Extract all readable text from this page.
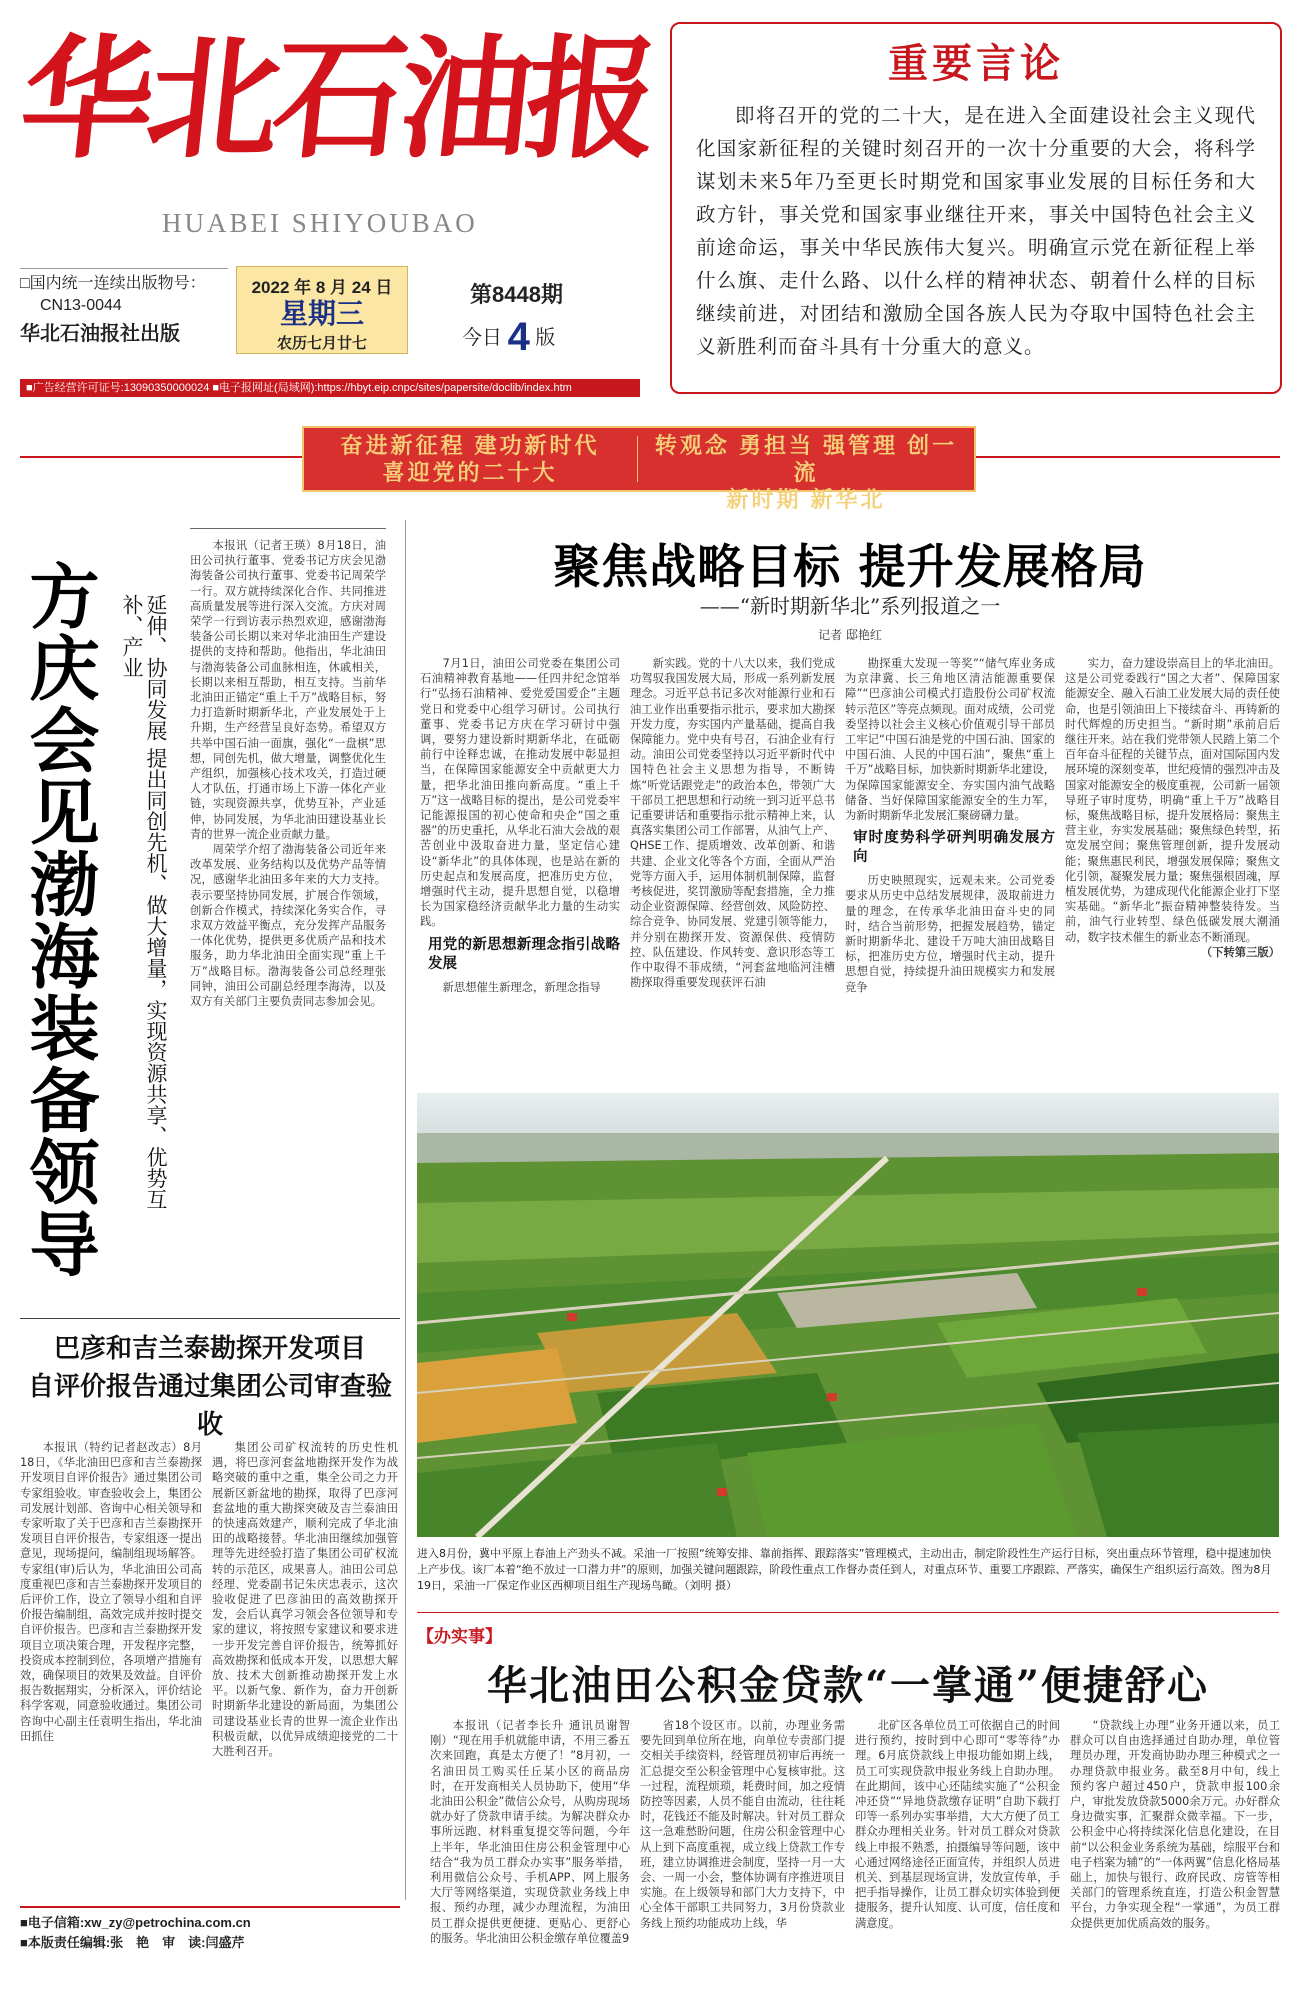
华北石油报
HUABEI SHIYOUBAO
□国内统一连续出版物号：
CN13-0044
华北石油报社出版
2022 年 8 月 24 日
星期三
农历七月廿七
第8448期
今日 4 版
■广告经营许可证号:13090350000024 ■电子报网址(局域网):https://hbyt.eip.cnpc/sites/papersite/doclib/index.htm
重要言论

即将召开的党的二十大，是在进入全面建设社会主义现代化国家新征程的关键时刻召开的一次十分重要的大会，将科学谋划未来5年乃至更长时期党和国家事业发展的目标任务和大政方针，事关党和国家事业继往开来，事关中国特色社会主义前途命运，事关中华民族伟大复兴。明确宣示党在新征程上举什么旗、走什么路、以什么样的精神状态、朝着什么样的目标继续前进，对团结和激励全国各族人民为夺取中国特色社会主义新胜利而奋斗具有十分重大的意义。

奋进新征程 建功新时代
喜迎党的二十大
转观念 勇担当 强管理 创一流
新时期 新华北
方庆会见渤海装备领导	延伸、协同发展 提出同创先机、做大增量，实现资源共享、优势互补、产业

本报讯（记者王瑛）8月18日，油田公司执行董事、党委书记方庆会见渤海装备公司执行董事、党委书记周荣学一行。双方就持续深化合作、共同推进高质量发展等进行深入交流。方庆对周荣学一行到访表示热烈欢迎，感谢渤海装备公司长期以来对华北油田生产建设提供的支持和帮助。他指出，华北油田与渤海装备公司血脉相连，休戚相关，长期以来相互帮助，相互支持。当前华北油田正锚定“重上千万”战略目标，努力打造新时期新华北，产业发展处于上升期，生产经营呈良好态势。希望双方共举中国石油一面旗，强化“一盘棋”思想，同创先机，做大增量，调整优化生产组织，加强核心技术攻关，打造过硬人才队伍，打通市场上下游一体化产业链，实现资源共享，优势互补，产业延伸，协同发展，为华北油田建设基业长青的世界一流企业贡献力量。

周荣学介绍了渤海装备公司近年来改革发展、业务结构以及优势产品等情况，感谢华北油田多年来的大力支持。表示要坚持协同发展，扩展合作领域，创新合作模式，持续深化务实合作，寻求双方效益平衡点，充分发挥产品服务一体化优势，提供更多优质产品和技术服务，助力华北油田全面实现“重上千万”战略目标。渤海装备公司总经理张同钟，油田公司副总经理李海涛，以及双方有关部门主要负责同志参加会见。

巴彦和吉兰泰勘探开发项目
自评价报告通过集团公司审查验收

本报讯（特约记者赵改志）8月18日，《华北油田巴彦和吉兰泰勘探开发项目自评价报告》通过集团公司专家组验收。审查验收会上，集团公司发展计划部、咨询中心相关领导和专家听取了关于巴彦和吉兰泰勘探开发项目自评价报告，专家组逐一提出意见，现场提问，编制组现场解答。专家组(审)后认为，华北油田公司高度重视巴彦和吉兰泰勘探开发项目的后评价工作，设立了领导小组和自评价报告编制组，高效完成并按时提交自评价报告。巴彦和吉兰泰勘探开发项目立项决策合理，开发程序完整，投资成本控制到位，各项增产措施有效，确保项目的效果及效益。自评价报告数据翔实，分析深入，评价结论科学客观，同意验收通过。集团公司咨询中心副主任袁明生指出，华北油田抓住

集团公司矿权流转的历史性机遇，将巴彦河套盆地勘探开发作为战略突破的重中之重，集全公司之力开展新区新盆地的勘探，取得了巴彦河套盆地的重大勘探突破及吉兰泰油田的快速高效建产，顺利完成了华北油田的战略接替。华北油田继续加强管理等先进经验打造了集团公司矿权流转的示范区，成果喜人。油田公司总经理、党委副书记朱庆忠表示，这次验收促进了巴彦油田的高效勘探开发，会后认真学习领会各位领导和专家的建议，将按照专家建议和要求进一步开发完善自评价报告，统筹抓好高效勘探和低成本开发，以思想大解放、技术大创新推动勘探开发上水平。以新气象、新作为，奋力开创新时期新华北建设的新局面，为集团公司建设基业长青的世界一流企业作出积极贡献，以优异成绩迎接党的二十大胜利召开。

聚焦战略目标 提升发展格局
——“新时期新华北”系列报道之一
记者 邸艳红

7月1日，油田公司党委在集团公司石油精神教育基地——任四井纪念馆举行“弘扬石油精神、爱党爱国爱企”主题党日和党委中心组学习研讨。公司执行董事、党委书记方庆在学习研讨中强调，要努力建设新时期新华北，在砥砺前行中诠释忠诚，在推动发展中彰显担当，在保障国家能源安全中贡献更大力量，把华北油田推向新高度。“重上千万”这一战略目标的提出，是公司党委牢记能源报国的初心使命和央企“国之重器”的历史重托，从华北石油大会战的艰苦创业中汲取奋进力量，坚定信心建设“新华北”的具体体现，也是站在新的历史起点和发展高度，把准历史方位，增强时代主动，提升思想自觉，以稳增长为国家稳经济贡献华北力量的生动实践。

用党的新思想新理念指引战略发展

新思想催生新理念，新理念指导

新实践。党的十八大以来，我们党成功驾驭我国发展大局，形成一系列新发展理念。习近平总书记多次对能源行业和石油工业作出重要指示批示，要求加大勘探开发力度，夯实国内产量基础，提高自我保障能力。党中央有号召，石油企业有行动。油田公司党委坚持以习近平新时代中国特色社会主义思想为指导，不断铸炼“听党话跟党走”的政治本色，带领广大干部员工把思想和行动统一到习近平总书记重要讲话和重要指示批示精神上来，认真落实集团公司工作部署，从油气上产、QHSE工作、提质增效、改革创新、和谐共建、企业文化等各个方面，全面从严治党等方面入手，运用体制机制保障，监督考核促进，奖罚激励等配套措施，全力推动企业资源保障、经营创效、风险防控、综合竞争、协同发展、党建引领等能力，并分别在勘探开发、资源保供、疫情防控、队伍建设、作风转变、意识形态等工作中取得不菲成绩，“河套盆地临河洼槽勘探取得重要发现获评石油

勘探重大发现一等奖”“储气库业务成为京津冀、长三角地区清洁能源重要保障”“巴彦油公司模式打造股份公司矿权流转示范区”等亮点频现。面对成绩，公司党委坚持以社会主义核心价值观引导干部员工牢记“中国石油是党的中国石油、国家的中国石油、人民的中国石油”，聚焦“重上千万”战略目标，加快新时期新华北建设，为保障国家能源安全、夯实国内油气战略储备、当好保障国家能源安全的生力军，为新时期新华北发展汇聚磅礴力量。

审时度势科学研判明确发展方向

历史映照现实，远观未来。公司党委要求从历史中总结发展规律，汲取前进力量的理念，在传承华北油田奋斗史的同时，结合当前形势，把握发展趋势，锚定新时期新华北、建设千万吨大油田战略目标，把准历史方位，增强时代主动，提升思想自觉，持续提升油田规模实力和发展竞争

实力，奋力建设崇高目上的华北油田。这是公司党委践行“国之大者”、保障国家能源安全、融入石油工业发展大局的责任使命，也是引领油田上下接续奋斗、再铸新的时代辉煌的历史担当。“新时期”承前启后继往开来。站在我们党带领人民踏上第二个百年奋斗征程的关键节点，面对国际国内发展环境的深刻变革，世纪疫情的强烈冲击及国家对能源安全的极度重视，公司新一届领导班子审时度势，明确“重上千万”战略目标，聚焦战略目标，提升发展格局：聚焦主营主业，夯实发展基础；聚焦绿色转型，拓宽发展空间；聚焦管理创新，提升发展动能；聚焦惠民利民，增强发展保障；聚焦文化引领，凝聚发展力量；聚焦强根固魂，厚植发展优势，为建成现代化能源企业打下坚实基础。“新华北”振奋精神整装待发。当前，油气行业转型、绿色低碳发展大潮涌动，数字技术催生的新业态不断涌现。

（下转第三版）
进入8月份，冀中平原上春油上产劲头不减。采油一厂按照“统筹安排、靠前指挥、跟踪落实”管理模式，主动出击，制定阶段性生产运行目标，突出重点环节管理，稳中提速加快上产步伐。该厂本着“绝不放过一口潜力井”的原则，加强关键问题跟踪，阶段性重点工作督办责任到人，对重点环节、重要工序跟踪、严落实，确保生产组织运行高效。图为8月19日，采油一厂保定作业区西柳项目组生产现场鸟瞰。（刘明 摄）
【办实事】
华北油田公积金贷款“一掌通”便捷舒心

本报讯（记者李长升 通讯员谢智刚）“现在用手机就能申请，不用三番五次来回跑，真是太方便了！”8月初，一名油田员工购买任丘某小区的商品房时，在开发商相关人员协助下，使用“华北油田公积金”微信公众号，从购房现场就办好了贷款申请手续。为解决群众办事所远跑、材料重复提交等问题，今年上半年，华北油田住房公积金管理中心结合“我为员工群众办实事”服务举措，利用微信公众号、手机APP、网上服务大厅等网络渠道，实现贷款业务线上申报、预约办理，减少办理流程，为油田员工群众提供更便捷、更贴心、更舒心的服务。华北油田公积金缴存单位覆盖9

省18个设区市。以前，办理业务需要先回到单位所在地，向单位专责部门提交相关手续资料，经管理员初审后再统一汇总提交至公积金管理中心复核审批。这一过程，流程烦琐，耗费时间，加之疫情防控等因素，人员不能自由流动，往往耗时，花钱还不能及时解决。针对员工群众这一急难愁盼问题，住房公积金管理中心从上到下高度重视，成立线上贷款工作专班，建立协调推进会制度，坚持一月一大会、一周一小会，整体协调有序推进项目实施。在上级领导和部门大力支持下，中心全体干部职工共同努力，3月份贷款业务线上预约功能成功上线，华

北矿区各单位员工可依据自己的时间进行预约，按时到中心即可“零等待”办理。6月底贷款线上申报功能如期上线，员工可实现贷款申报业务线上自助办理。在此期间，该中心还陆续实施了“公积金冲还贷”“异地贷款缴存证明”自助下载打印等一系列办实事举措，大大方便了员工群众办理相关业务。针对员工群众对贷款线上申报不熟悉，拍摄编导等问题，该中心通过网络途径正面宣传，并组织人员进机关、到基层现场宣讲，发放宣传单，手把手指导操作，让员工群众切实体验到便捷服务，提升认知度、认可度，信任度和满意度。

“贷款线上办理”业务开通以来，员工群众可以自由选择通过自助办理，单位管理员办理，开发商协助办理三种模式之一办理贷款申报业务。截至8月中旬，线上预约客户超过450户，贷款申报100余户，审批发放贷款5000余万元。办好群众身边微实事，汇聚群众微幸福。下一步，公积金中心将持续深化信息化建设，在目前“以公积金业务系统为基础，综服平台和电子档案为辅”的“一体两翼”信息化格局基础上，加快与银行、政府民政、房管等相关部门的管理系统直连，打造公积金智慧平台，力争实现全程“一掌通”，为员工群众提供更加优质高效的服务。

■电子信箱:xw_zy@petrochina.com.cn
■本版责任编辑:张　艳　审　读:闫盛芹
